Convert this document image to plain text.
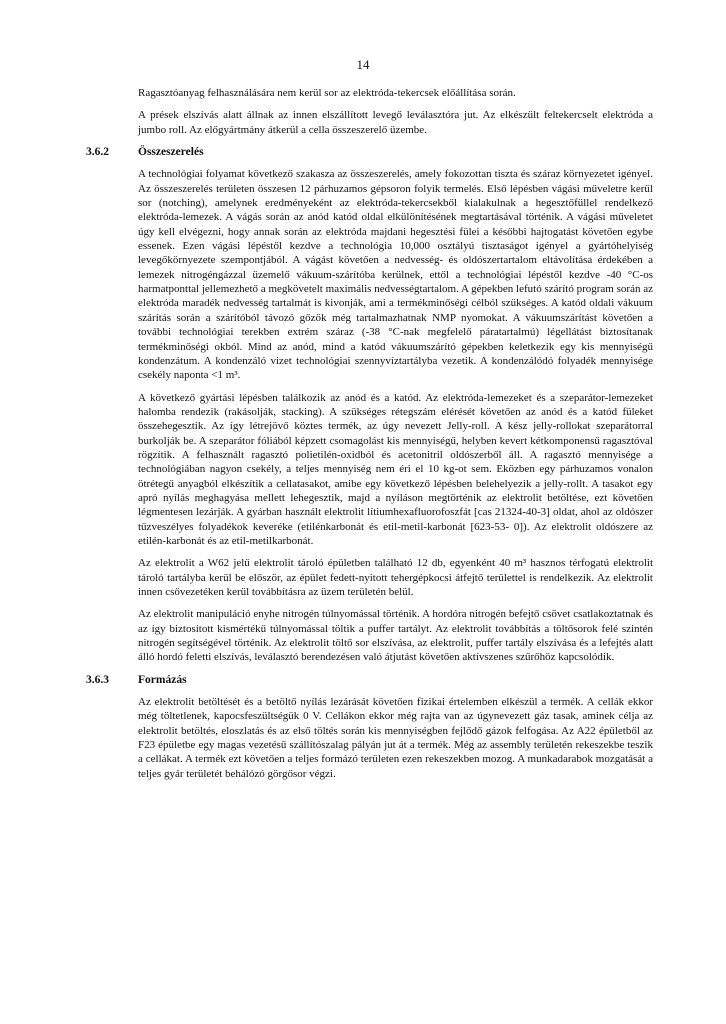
14

Ragasztóanyag felhasználására nem kerül sor az elektróda-tekercsek előállítása során.

A prések elszívás alatt állnak az innen elszállított levegő leválasztóra jut. Az elkészült feltekercselt elektróda a jumbo roll. Az előgyártmány átkerül a cella összeszerelő üzembe.

3.6.2	Összeszerelés

A technológiai folyamat következő szakasza az összeszerelés, amely fokozottan tiszta és száraz környezetet igényel. Az összeszerelés területen összesen 12 párhuzamos gépsoron folyik termelés. Első lépésben vágási műveletre kerül sor (notching), amelynek eredményeként az elektróda-tekercsekből kialakulnak a hegesztőfüllel rendelkező elektróda-lemezek. A vágás során az anód katód oldal elkülönítésének megtartásával történik. A vágási műveletet úgy kell elvégezni, hogy annak során az elektróda majdani hegesztési fülei a későbbi hajtogatást követően egybe essenek. Ezen vágási lépéstől kezdve a technológia 10,000 osztályú tisztaságot igényel a gyártóhelyiség levegőkörnyezete szempontjából. A vágást követően a nedvesség- és oldószertartalom eltávolítása érdekében a lemezek nitrogéngázzal üzemelő vákuum-szárítóba kerülnek, ettől a technológiai lépéstől kezdve -40 °C-os harmatponttal jellemezhető a megkövetelt maximális nedvességtartalom. A gépekben lefutó szárító program során az elektróda maradék nedvesség tartalmát is kivonják, ami a termékminőségi célból szükséges. A katód oldali vákuum szárítás során a szárítóból távozó gőzök még tartalmazhatnak NMP nyomokat. A vákuumszárítást követően a további technológiai terekben extrém száraz (-38 °C-nak megfelelő páratartalmú) légellátást biztosítanak termékminőségi okból. Mind az anód, mind a katód vákuumszárító gépekben keletkezik egy kis mennyiségű kondenzátum. A kondenzáló vizet technológiai szennyvíztartályba vezetik. A kondenzálódó folyadék mennyisége csekély naponta <1 m³.

A következő gyártási lépésben találkozik az anód és a katód. Az elektróda-lemezeket és a szeparátor-lemezeket halomba rendezik (rakásolják, stacking). A szükséges rétegszám elérését követően az anód és a katód füleket összehegesztik. Az így létrejövő köztes termék, az úgy nevezett Jelly-roll. A kész jelly-rollokat szeparátorral burkolják be. A szeparátor fóliából képzett csomagolást kis mennyiségű, helyben kevert kétkomponensű ragasztóval rögzítik. A felhasznált ragasztó polietilén-oxidból és acetonitril oldószerből áll. A ragasztó mennyisége a technológiában nagyon csekély, a teljes mennyiség nem éri el 10 kg-ot sem. Eközben egy párhuzamos vonalon ötrétegű anyagból elkészítik a cellatasakot, amibe egy következő lépésben belehelyezik a jelly-rollt. A tasakot egy apró nyílás meghagyása mellett lehegesztik, majd a nyíláson megtörténik az elektrolit betöltése, ezt követően légmentesen lezárják. A gyárban használt elektrolit lítiumhexafluorofoszfát [cas 21324-40-3] oldat, ahol az oldószer tűzveszélyes folyadékok keveréke (etilénkarbonát és etil-metil-karbonát [623-53- 0]). Az elektrolit oldószere az etilén-karbonát és az etil-metilkarbonát.

Az elektrolit a W62 jelű elektrolit tároló épületben található 12 db, egyenként 40 m³ hasznos térfogatú elektrolit tároló tartályba kerül be először, az épület fedett-nyitott tehergépkocsi átfejtő területtel is rendelkezik. Az elektrolit innen csővezetéken kerül továbbításra az üzem területén belül.

Az elektrolit manipuláció enyhe nitrogén túlnyomással történik. A hordóra nitrogén befejtő csövet csatlakoztatnak és az így biztosított kismértékű túlnyomással töltik a puffer tartályt. Az elektrolit továbbítás a töltősorok felé szintén nitrogén segítségével történik. Az elektrolit töltő sor elszívása, az elektrolit, puffer tartály elszívása és a lefejtés alatt álló hordó feletti elszívás, leválasztó berendezésen való átjutást követően aktívszenes szűrőhöz kapcsolódik.

3.6.3	Formázás

Az elektrolit betöltését és a betöltő nyílás lezárását követően fizikai értelemben elkészül a termék. A cellák ekkor még töltetlenek, kapocsfeszültségük 0 V. Cellákon ekkor még rajta van az úgynevezett gáz tasak, aminek célja az elektrolit betöltés, eloszlatás és az első töltés során kis mennyiségben fejlődő gázok felfogása. Az A22 épületből az F23 épületbe egy magas vezetésű szállítószalag pályán jut át a termék. Még az assembly területén rekeszekbe teszik a cellákat. A termék ezt követően a teljes formázó területen ezen rekeszekben mozog. A munkadarabok mozgatását a teljes gyár területét behálózó görgősor végzi.
